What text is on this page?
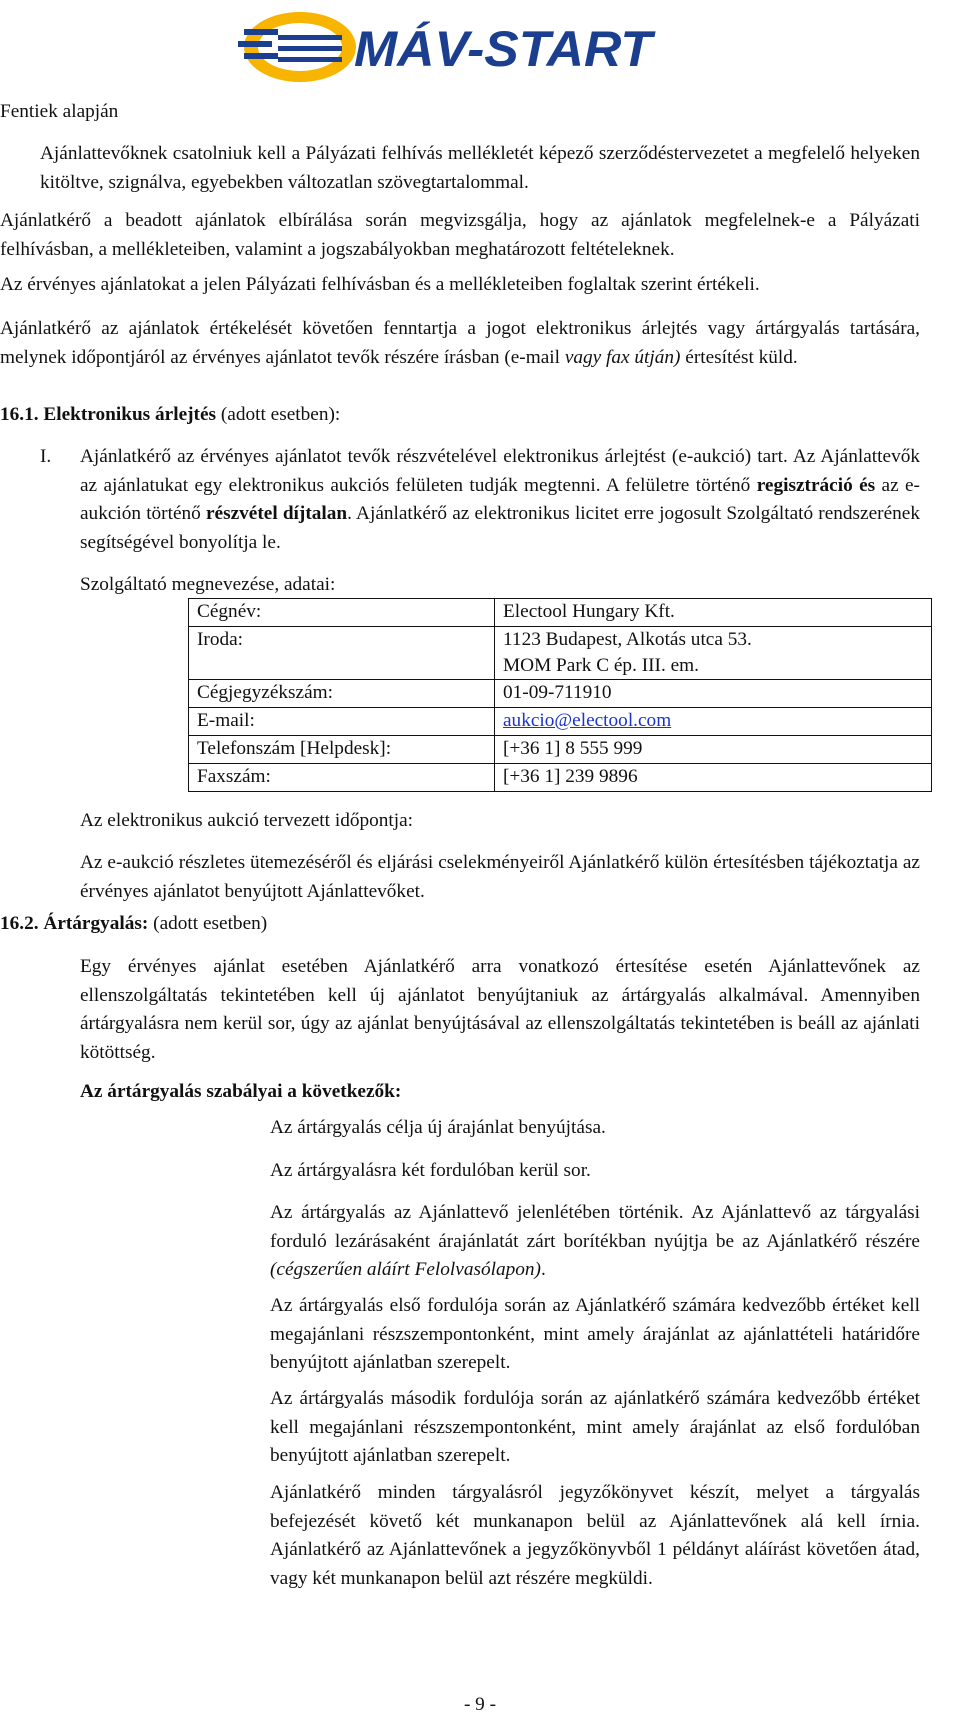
MÁV-START
Fentiek alapján
Ajánlattevőknek csatolniuk kell a Pályázati felhívás mellékletét képező szerződéstervezetet a megfelelő helyeken kitöltve, szignálva, egyebekben változatlan szövegtartalommal.
Ajánlatkérő a beadott ajánlatok elbírálása során megvizsgálja, hogy az ajánlatok megfelelnek-e a Pályázati felhívásban, a mellékleteiben, valamint a jogszabályokban meghatározott feltételeknek.
Az érvényes ajánlatokat a jelen Pályázati felhívásban és a mellékleteiben foglaltak szerint értékeli.
Ajánlatkérő az ajánlatok értékelését követően fenntartja a jogot elektronikus árlejtés vagy ártárgyalás tartására, melynek időpontjáról az érvényes ajánlatot tevők részére írásban (e-mail vagy fax útján) értesítést küld.
16.1. Elektronikus árlejtés (adott esetben):
I. Ajánlatkérő az érvényes ajánlatot tevők részvételével elektronikus árlejtést (e-aukció) tart. Az Ajánlattevők az ajánlatukat egy elektronikus aukciós felületen tudják megtenni. A felületre történő regisztráció és az e-aukción történő részvétel díjtalan. Ajánlatkérő az elektronikus licitet erre jogosult Szolgáltató rendszerének segítségével bonyolítja le.
Szolgáltató megnevezése, adatai:
Cégnév:	Electool Hungary Kft.
Iroda:	1123 Budapest, Alkotás utca 53.
MOM Park C ép. III. em.

Cégjegyzékszám:	01-09-711910
E-mail:	aukcio@electool.com
Telefonszám [Helpdesk]:	[+36 1] 8 555 999
Faxszám:	[+36 1] 239 9896
Az elektronikus aukció tervezett időpontja:
Az e-aukció részletes ütemezéséről és eljárási cselekményeiről Ajánlatkérő külön értesítésben tájékoztatja az érvényes ajánlatot benyújtott Ajánlattevőket.
16.2. Ártárgyalás: (adott esetben)
Egy érvényes ajánlat esetében Ajánlatkérő arra vonatkozó értesítése esetén Ajánlattevőnek az ellenszolgáltatás tekintetében kell új ajánlatot benyújtaniuk az ártárgyalás alkalmával. Amennyiben ártárgyalásra nem kerül sor, úgy az ajánlat benyújtásával az ellenszolgáltatás tekintetében is beáll az ajánlati kötöttség.
Az ártárgyalás szabályai a következők:
Az ártárgyalás célja új árajánlat benyújtása.
Az ártárgyalásra két fordulóban kerül sor.
Az ártárgyalás az Ajánlattevő jelenlétében történik. Az Ajánlattevő az tárgyalási forduló lezárásaként árajánlatát zárt borítékban nyújtja be az Ajánlatkérő részére (cégszerűen aláírt Felolvasólapon).
Az ártárgyalás első fordulója során az Ajánlatkérő számára kedvezőbb értéket kell megajánlani részszempontonként, mint amely árajánlat az ajánlattételi határidőre benyújtott ajánlatban szerepelt.
Az ártárgyalás második fordulója során az ajánlatkérő számára kedvezőbb értéket kell megajánlani részszempontonként, mint amely árajánlat az első fordulóban benyújtott ajánlatban szerepelt.
Ajánlatkérő minden tárgyalásról jegyzőkönyvet készít, melyet a tárgyalás befejezését követő két munkanapon belül az Ajánlattevőnek alá kell írnia. Ajánlatkérő az Ajánlattevőnek a jegyzőkönyvből 1 példányt aláírást követően átad, vagy két munkanapon belül azt részére megküldi.
- 9 -
